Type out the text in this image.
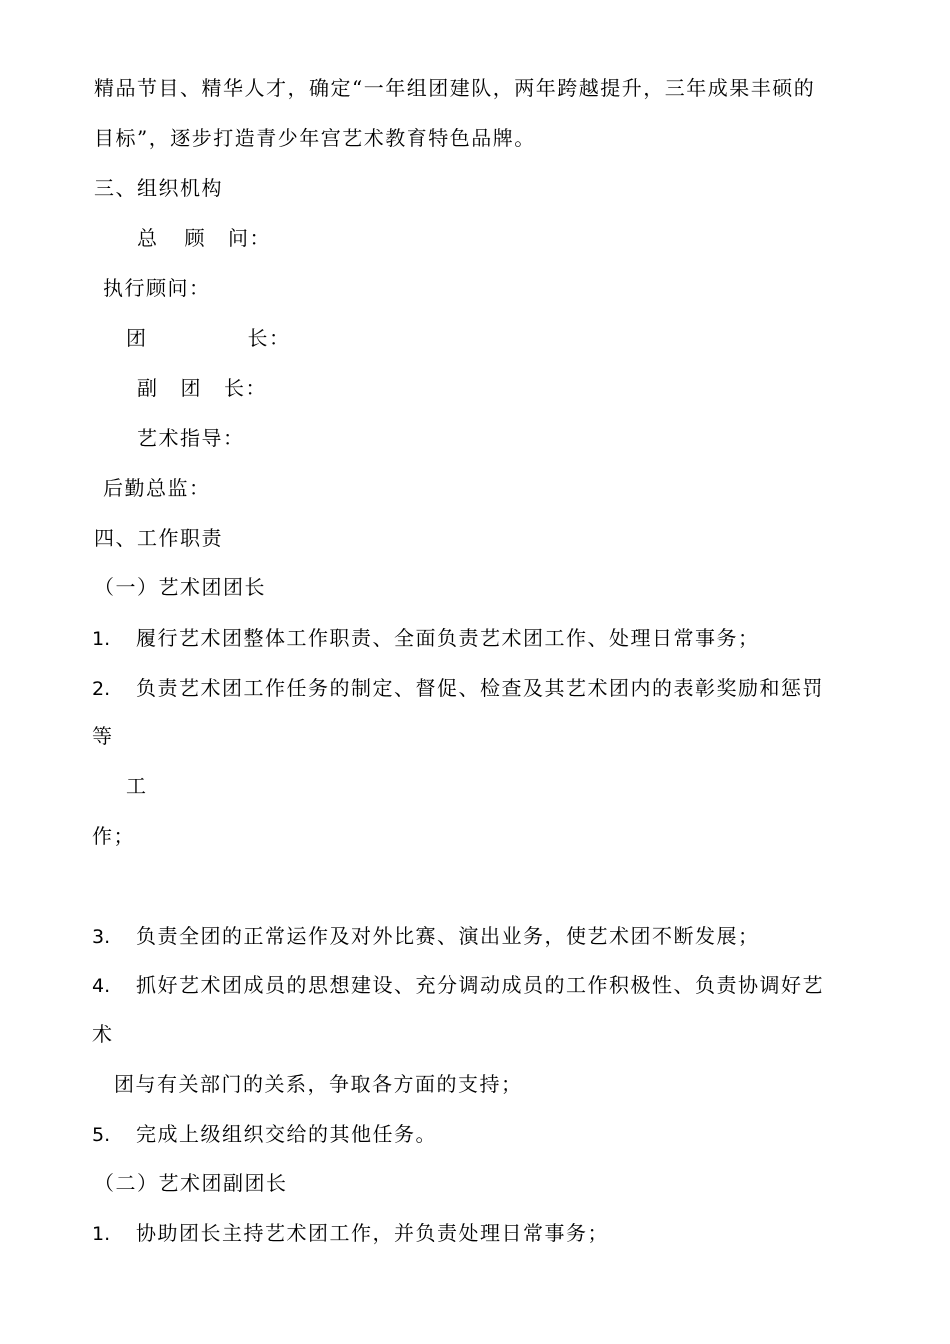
精品节目、精华人才，确定“一年组团建队，两年跨越提升，三年成果丰硕的
目标”，逐步打造青少年宫艺术教育特色品牌。
三、组织机构
总 顾 问：
执行顾问：
团	长：
副 团 长：
艺术指导：
后勤总监：
四、工作职责
（一）艺术团团长
1. 履行艺术团整体工作职责、全面负责艺术团工作、处理日常事务；
2. 负责艺术团工作任务的制定、督促、检查及其艺术团内的表彰奖励和惩罚
等
工
作；
3. 负责全团的正常运作及对外比赛、演出业务，使艺术团不断发展；
4. 抓好艺术团成员的思想建设、充分调动成员的工作积极性、负责协调好艺
术
团与有关部门的关系，争取各方面的支持；
5. 完成上级组织交给的其他任务。
（二）艺术团副团长
1. 协助团长主持艺术团工作，并负责处理日常事务；
